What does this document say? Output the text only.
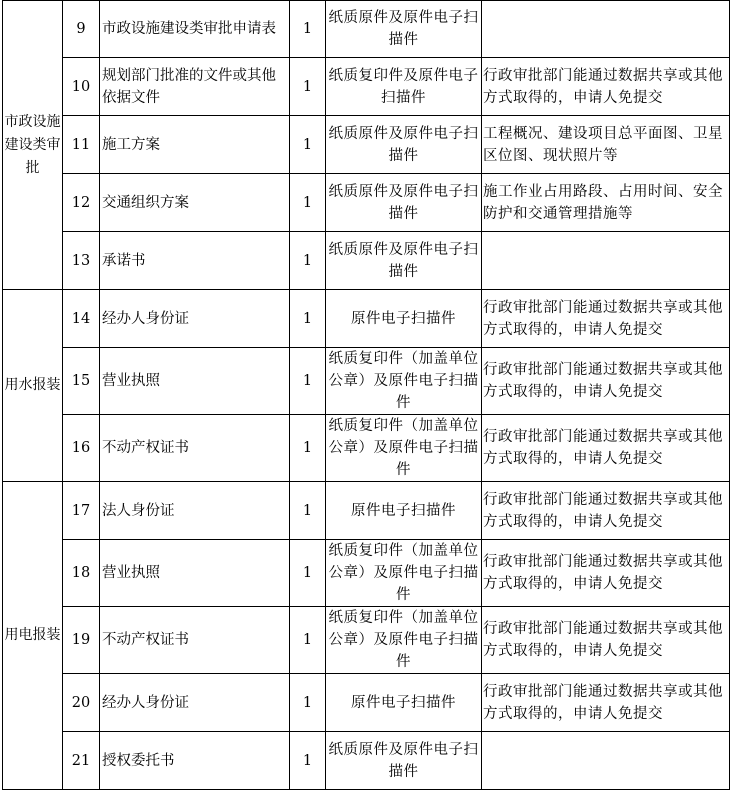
市政设施建设类审批	9	市政设施建设类审批申请表	1	纸质原件及原件电子扫描件	
	10	规划部门批准的文件或其他依据文件	1	纸质复印件及原件电子扫描件	行政审批部门能通过数据共享或其他方式取得的，申请人免提交
	11	施工方案	1	纸质原件及原件电子扫描件	工程概况、建设项目总平面图、卫星区位图、现状照片等
	12	交通组织方案	1	纸质原件及原件电子扫描件	施工作业占用路段、占用时间、安全防护和交通管理措施等
	13	承诺书	1	纸质原件及原件电子扫描件	
用水报装	14	经办人身份证	1	原件电子扫描件	行政审批部门能通过数据共享或其他方式取得的，申请人免提交
	15	营业执照	1	纸质复印件（加盖单位公章）及原件电子扫描件	行政审批部门能通过数据共享或其他方式取得的，申请人免提交
	16	不动产权证书	1	纸质复印件（加盖单位公章）及原件电子扫描件	行政审批部门能通过数据共享或其他方式取得的，申请人免提交
用电报装	17	法人身份证	1	原件电子扫描件	行政审批部门能通过数据共享或其他方式取得的，申请人免提交
	18	营业执照	1	纸质复印件（加盖单位公章）及原件电子扫描件	行政审批部门能通过数据共享或其他方式取得的，申请人免提交
	19	不动产权证书	1	纸质复印件（加盖单位公章）及原件电子扫描件	行政审批部门能通过数据共享或其他方式取得的，申请人免提交
	20	经办人身份证	1	原件电子扫描件	行政审批部门能通过数据共享或其他方式取得的，申请人免提交
	21	授权委托书	1	纸质原件及原件电子扫描件	
